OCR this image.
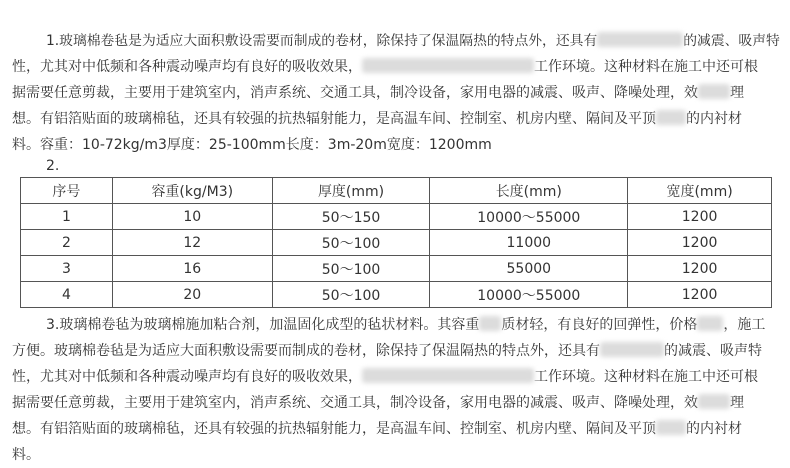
1.玻璃棉卷毡是为适应大面积敷设需要而制成的卷材，除保持了保温隔热的特点外，还具有	的减震、吸声特
性，尤其对中低频和各种震动噪声均有良好的吸收效果，	工作环境。这种材料在施工中还可根
据需要任意剪裁，主要用于建筑室内，消声系统、交通工具，制冷设备，家用电器的减震、吸声、降噪处理，效 理
想。有铝箔贴面的玻璃棉毡，还具有较强的抗热辐射能力，是高温车间、控制室、机房内壁、隔间及平顶 的内衬材
料。容重：10-72kg/m3厚度：25-100mm长度：3m-20m宽度：1200mm
2.
序号	容重(kg/M3)	厚度(mm)	长度(mm)	宽度(mm)
1	10	50～150	10000～55000	1200
2	12	50～100	11000	1200
3	16	50～100	55000	1200
4	20	50～100	10000～55000	1200
3.玻璃棉卷毡为玻璃棉施加粘合剂，加温固化成型的毡状材料。其容重 质材轻，有良好的回弹性，价格 ，施工
方便。玻璃棉卷毡是为适应大面积敷设需要而制成的卷材，除保持了保温隔热的特点外，还具有	的减震、吸声特
性，尤其对中低频和各种震动噪声均有良好的吸收效果，	工作环境。这种材料在施工中还可根
据需要任意剪裁，主要用于建筑室内，消声系统、交通工具，制冷设备，家用电器的减震、吸声、降噪处理，效 理
想。有铝箔贴面的玻璃棉毡，还具有较强的抗热辐射能力，是高温车间、控制室、机房内壁、隔间及平顶 的内衬材
料。
